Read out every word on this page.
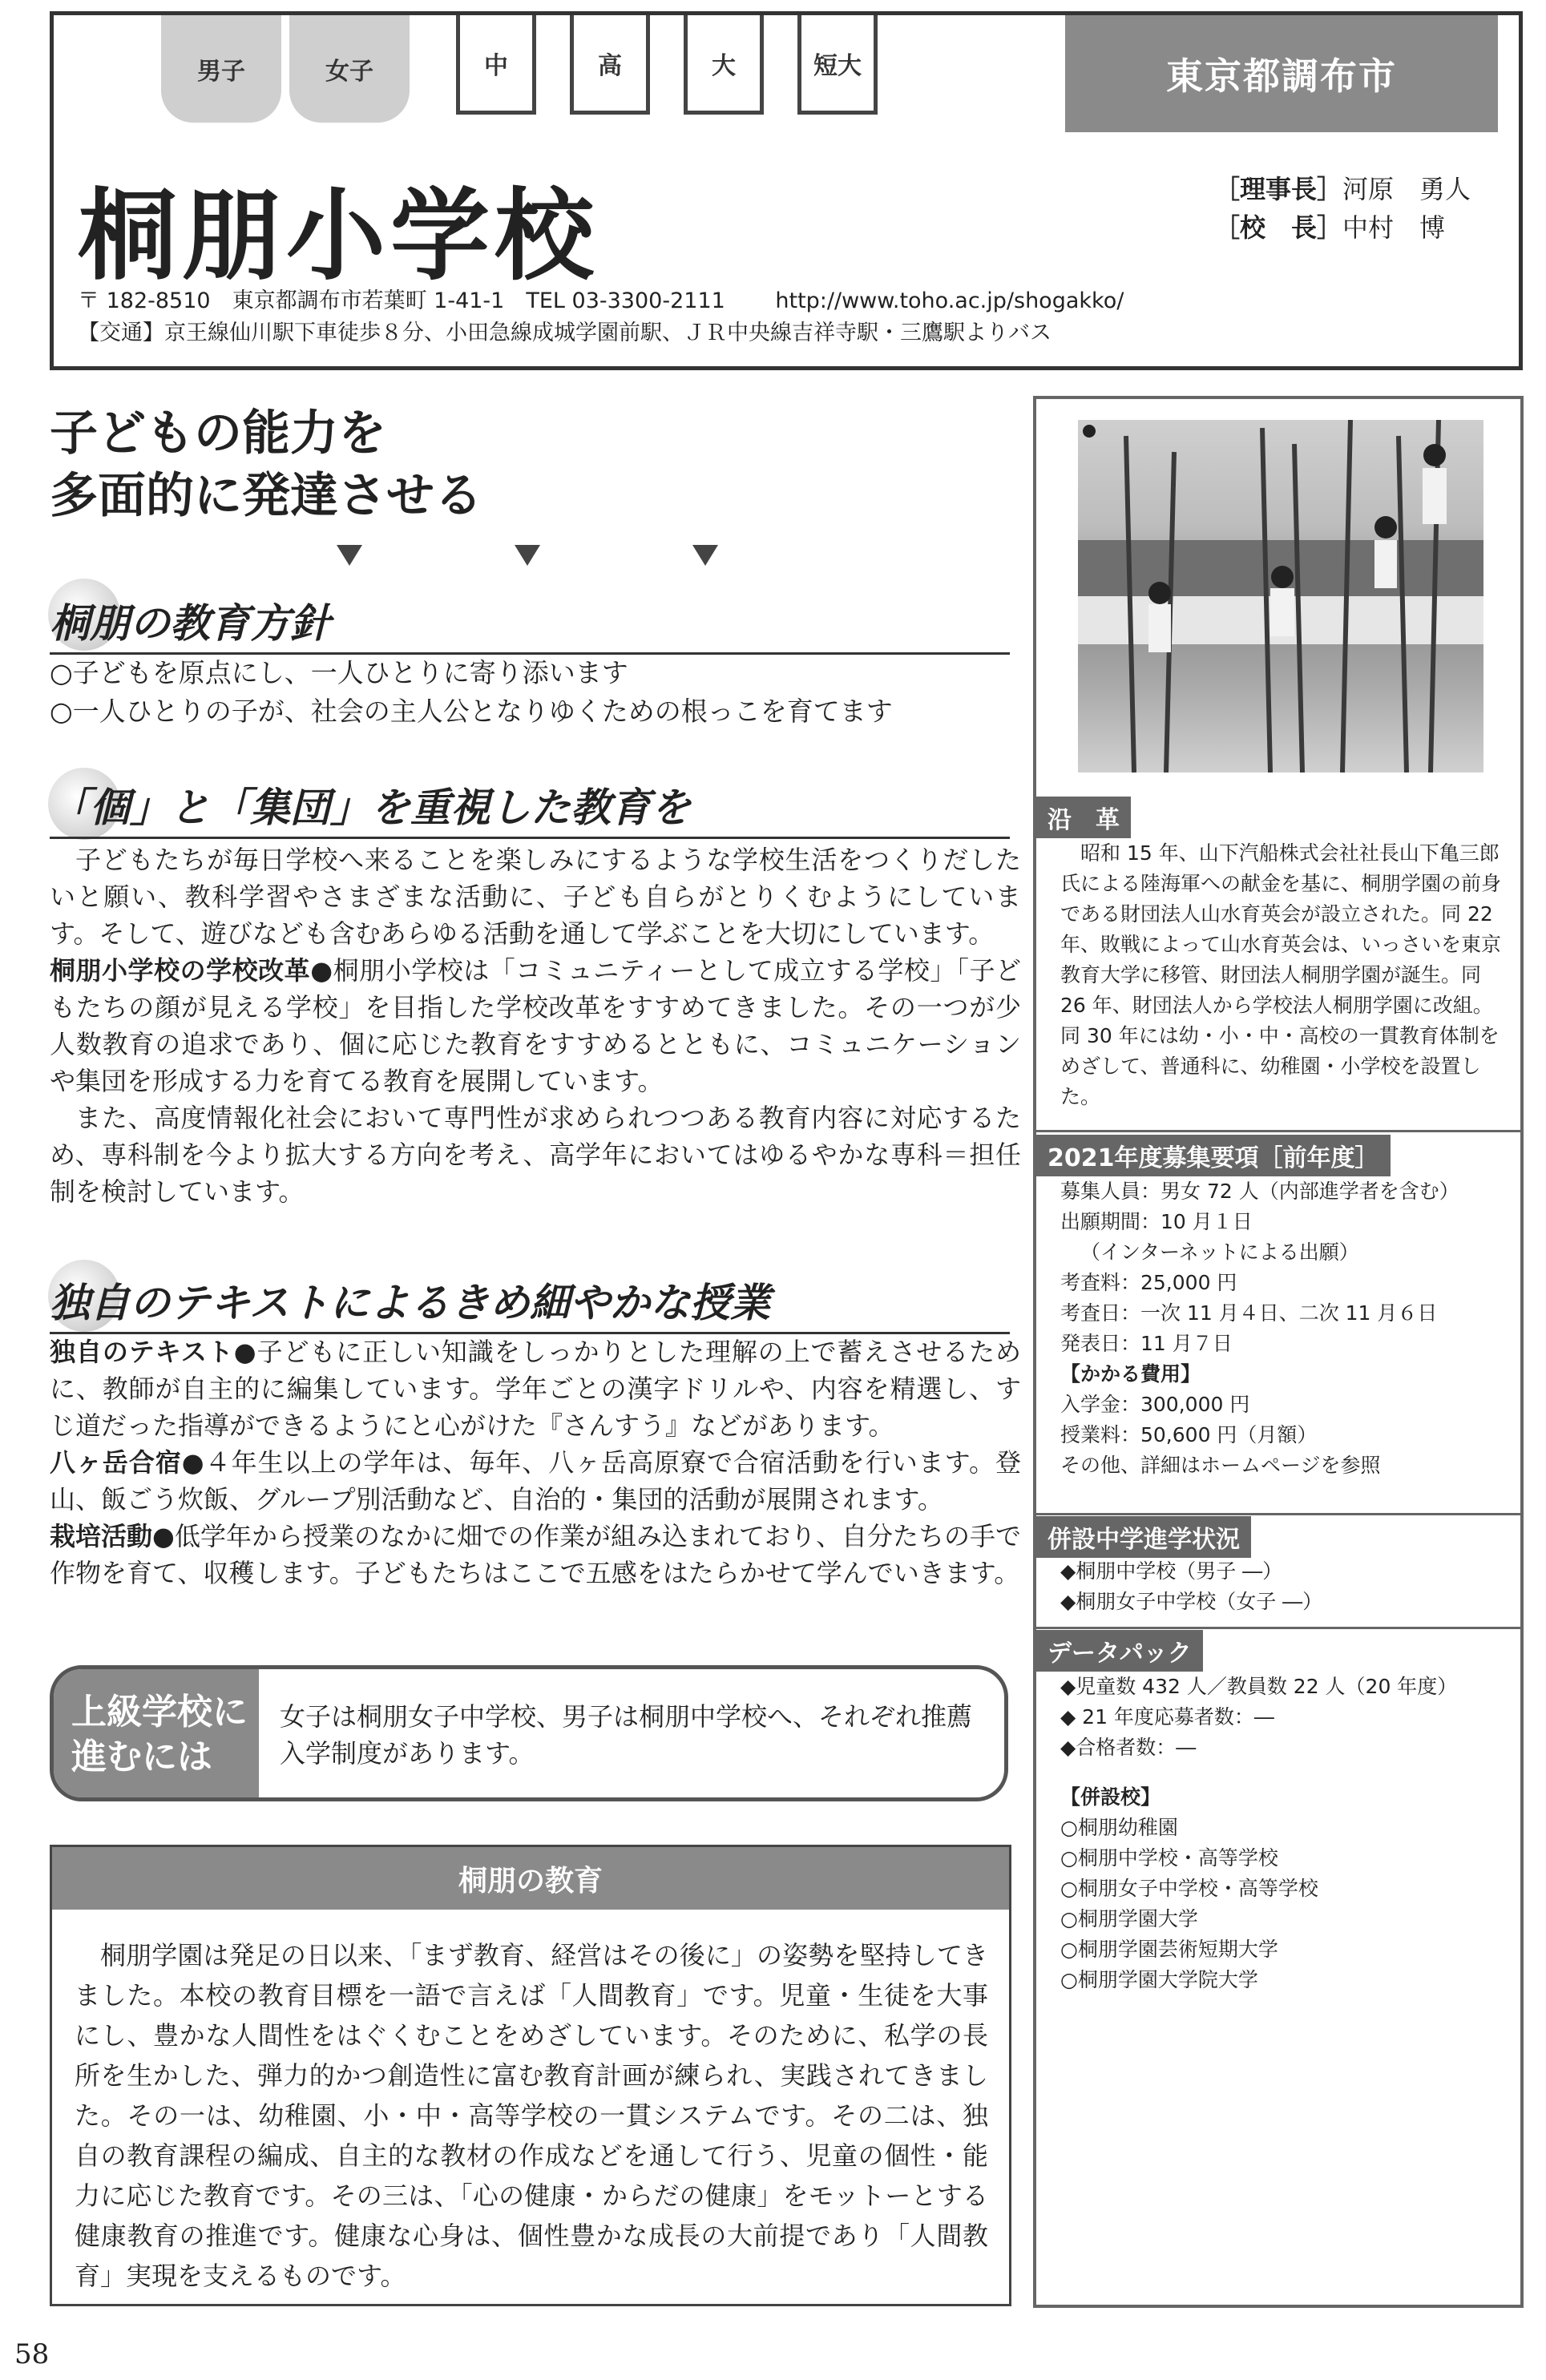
男子	女子	中	高	大	短大	東京都調布市
桐朋小学校	［理事長］河原　勇人
［校　長］中村　博
〒 182-8510　東京都調布市若葉町 1-41-1　TEL 03-3300-2111　　 http://www.toho.ac.jp/shogakko/
【交通】京王線仙川駅下車徒歩８分、小田急線成城学園前駅、ＪＲ中央線吉祥寺駅・三鷹駅よりバス
子どもの能力を
多面的に発達させる
桐朋の教育方針
○子どもを原点にし、一人ひとりに寄り添います
○一人ひとりの子が、社会の主人公となりゆくための根っこを育てます
「個」と「集団」を重視した教育を
子どもたちが毎日学校へ来ることを楽しみにするような学校生活をつくりだしたいと願い、教科学習やさまざまな活動に、子ども自らがとりくむようにしています。そして、遊びなども含むあらゆる活動を通して学ぶことを大切にしています。
桐朋小学校の学校改革●桐朋小学校は「コミュニティーとして成立する学校」「子どもたちの顔が見える学校」を目指した学校改革をすすめてきました。その一つが少人数教育の追求であり、個に応じた教育をすすめるとともに、コミュニケーションや集団を形成する力を育てる教育を展開しています。
また、高度情報化社会において専門性が求められつつある教育内容に対応するため、専科制を今より拡大する方向を考え、高学年においてはゆるやかな専科＝担任制を検討しています。
独自のテキストによるきめ細やかな授業
独自のテキスト●子どもに正しい知識をしっかりとした理解の上で蓄えさせるために、教師が自主的に編集しています。学年ごとの漢字ドリルや、内容を精選し、すじ道だった指導ができるようにと心がけた『さんすう』などがあります。
八ヶ岳合宿●４年生以上の学年は、毎年、八ヶ岳高原寮で合宿活動を行います。登山、飯ごう炊飯、グループ別活動など、自治的・集団的活動が展開されます。
栽培活動●低学年から授業のなかに畑での作業が組み込まれており、自分たちの手で作物を育て、収穫します。子どもたちはここで五感をはたらかせて学んでいきます。
上級学校に
進むには
女子は桐朋女子中学校、男子は桐朋中学校へ、それぞれ推薦入学制度があります。
桐朋の教育
桐朋学園は発足の日以来、「まず教育、経営はその後に」の姿勢を堅持してきました。本校の教育目標を一語で言えば「人間教育」です。児童・生徒を大事にし、豊かな人間性をはぐくむことをめざしています。そのために、私学の長所を生かした、弾力的かつ創造性に富む教育計画が練られ、実践されてきました。その一は、幼稚園、小・中・高等学校の一貫システムです。その二は、独自の教育課程の編成、自主的な教材の作成などを通して行う、児童の個性・能力に応じた教育です。その三は、「心の健康・からだの健康」をモットーとする健康教育の推進です。健康な心身は、個性豊かな成長の大前提であり「人間教育」実現を支えるものです。
沿　革
昭和 15 年、山下汽船株式会社社長山下亀三郎氏による陸海軍への献金を基に、桐朋学園の前身である財団法人山水育英会が設立された。同 22 年、敗戦によって山水育英会は、いっさいを東京教育大学に移管、財団法人桐朋学園が誕生。同 26 年、財団法人から学校法人桐朋学園に改組。同 30 年には幼・小・中・高校の一貫教育体制をめざして、普通科に、幼稚園・小学校を設置した。
2021年度募集要項［前年度］
募集人員：男女 72 人（内部進学者を含む）
出願期間：10 月１日
（インターネットによる出願）
考査料：25,000 円
考査日：一次 11 月４日、二次 11 月６日
発表日：11 月７日
【かかる費用】
入学金：300,000 円
授業料：50,600 円（月額）
その他、詳細はホームページを参照
併設中学進学状況
◆桐朋中学校（男子 ―）
◆桐朋女子中学校（女子 ―）
データパック
◆児童数 432 人／教員数 22 人（20 年度）
◆ 21 年度応募者数：―
◆合格者数：―
【併設校】
○桐朋幼稚園
○桐朋中学校・高等学校
○桐朋女子中学校・高等学校
○桐朋学園大学
○桐朋学園芸術短期大学
○桐朋学園大学院大学
58
